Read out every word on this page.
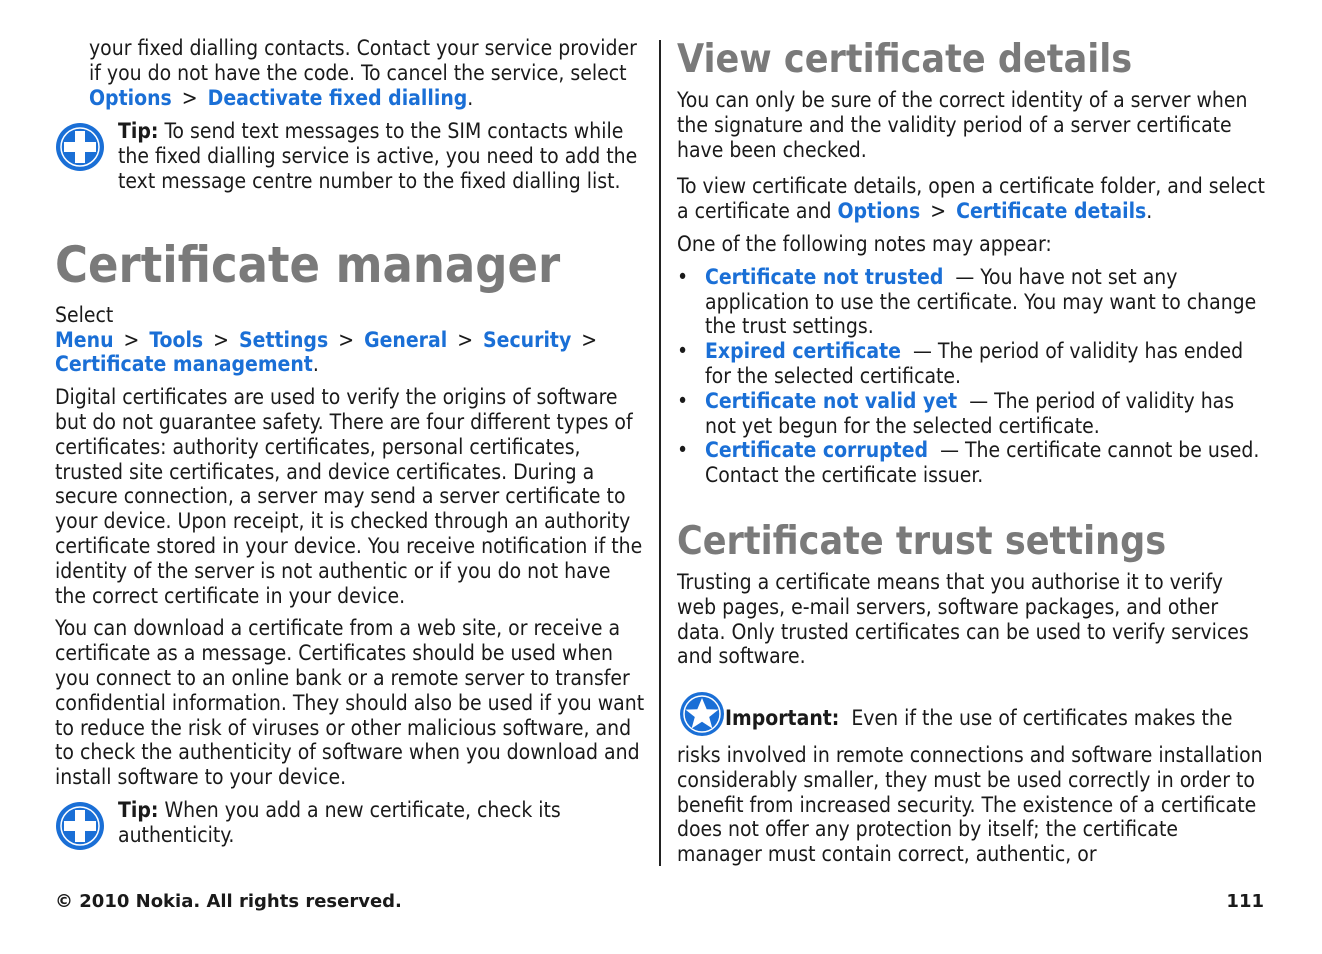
your fixed dialling contacts. Contact your service provider if you do not have the code. To cancel the service, select
Options > Deactivate fixed dialling.

Tip: To send text messages to the SIM contacts while the fixed dialling service is active, you need to add the text message centre number to the fixed dialling list.

Certificate manager

Select Menu > Tools > Settings > General > Security >
Certificate management.

Digital certificates are used to verify the origins of software but do not guarantee safety. There are four different types of certificates: authority certificates, personal certificates, trusted site certificates, and device certificates. During a secure connection, a server may send a server certificate to your device. Upon receipt, it is checked through an authority certificate stored in your device. You receive notification if the identity of the server is not authentic or if you do not have the correct certificate in your device.

You can download a certificate from a web site, or receive a certificate as a message. Certificates should be used when you connect to an online bank or a remote server to transfer confidential information. They should also be used if you want to reduce the risk of viruses or other malicious software, and to check the authenticity of software when you download and install software to your device.

Tip: When you add a new certificate, check its authenticity.

View certificate details

You can only be sure of the correct identity of a server when the signature and the validity period of a server certificate have been checked.

To view certificate details, open a certificate folder, and select a certificate and Options > Certificate details.

One of the following notes may appear:

• Certificate not trusted — You have not set any application to use the certificate. You may want to change the trust settings.
• Expired certificate — The period of validity has ended for the selected certificate.
• Certificate not valid yet — The period of validity has not yet begun for the selected certificate.
• Certificate corrupted — The certificate cannot be used. Contact the certificate issuer.
Certificate trust settings

Trusting a certificate means that you authorise it to verify web pages, e-mail servers, software packages, and other data. Only trusted certificates can be used to verify services and software.

Important: Even if the use of certificates makes the risks involved in remote connections and software installation considerably smaller, they must be used correctly in order to benefit from increased security. The existence of a certificate does not offer any protection by itself; the certificate manager must contain correct, authentic, or

© 2010 Nokia. All rights reserved.	111
